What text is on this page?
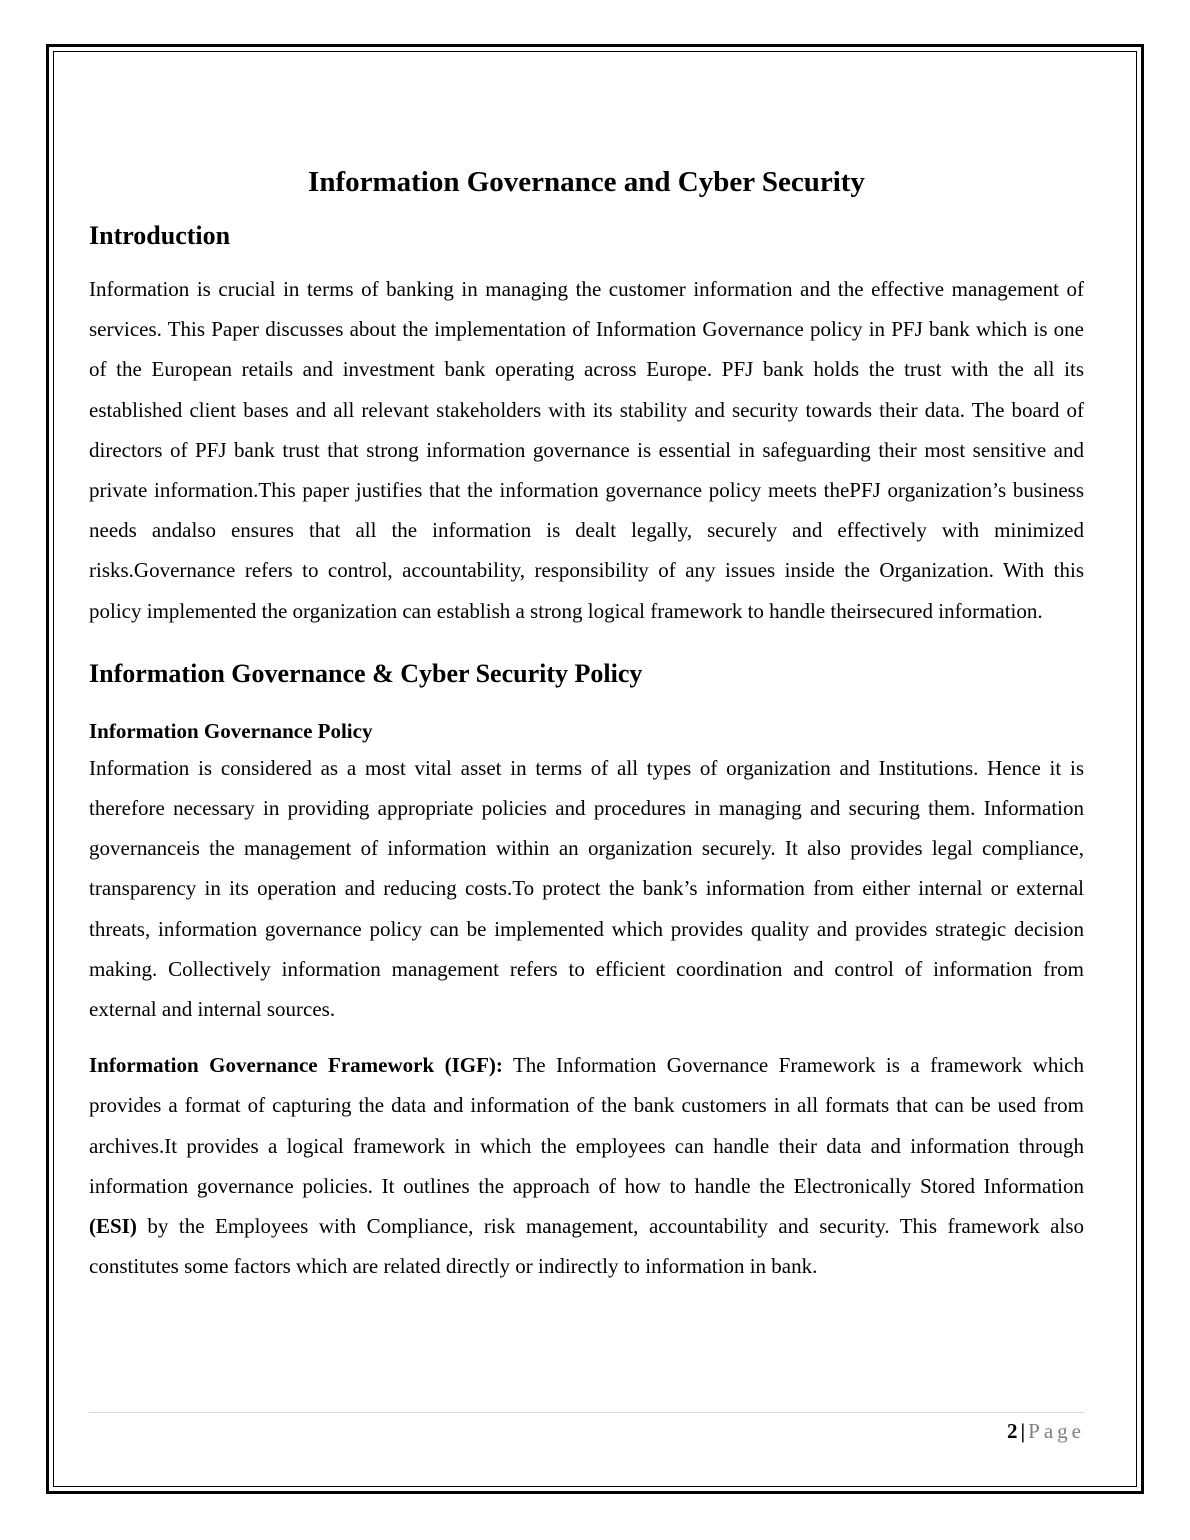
Information Governance and Cyber Security
Introduction

Information is crucial in terms of banking in managing the customer information and the effective management of services. This Paper discusses about the implementation of Information Governance policy in PFJ bank which is one of the European retails and investment bank operating across Europe. PFJ bank holds the trust with the all its established client bases and all relevant stakeholders with its stability and security towards their data. The board of directors of PFJ bank trust that strong information governance is essential in safeguarding their most sensitive and private information.This paper justifies that the information governance policy meets thePFJ organization’s business needs andalso ensures that all the information is dealt legally, securely and effectively with minimized risks.Governance refers to control, accountability, responsibility of any issues inside the Organization. With this policy implemented the organization can establish a strong logical framework to handle theirsecured information.

Information Governance & Cyber Security Policy
Information Governance Policy

Information is considered as a most vital asset in terms of all types of organization and Institutions. Hence it is therefore necessary in providing appropriate policies and procedures in managing and securing them. Information governanceis the management of information within an organization securely. It also provides legal compliance, transparency in its operation and reducing costs.To protect the bank’s information from either internal or external threats, information governance policy can be implemented which provides quality and provides strategic decision making. Collectively information management refers to efficient coordination and control of information from external and internal sources.

Information Governance Framework (IGF): The Information Governance Framework is a framework which provides a format of capturing the data and information of the bank customers in all formats that can be used from archives.It provides a logical framework in which the employees can handle their data and information through information governance policies. It outlines the approach of how to handle the Electronically Stored Information (ESI) by the Employees with Compliance, risk management, accountability and security. This framework also constitutes some factors which are related directly or indirectly to information in bank.

2 | Page
